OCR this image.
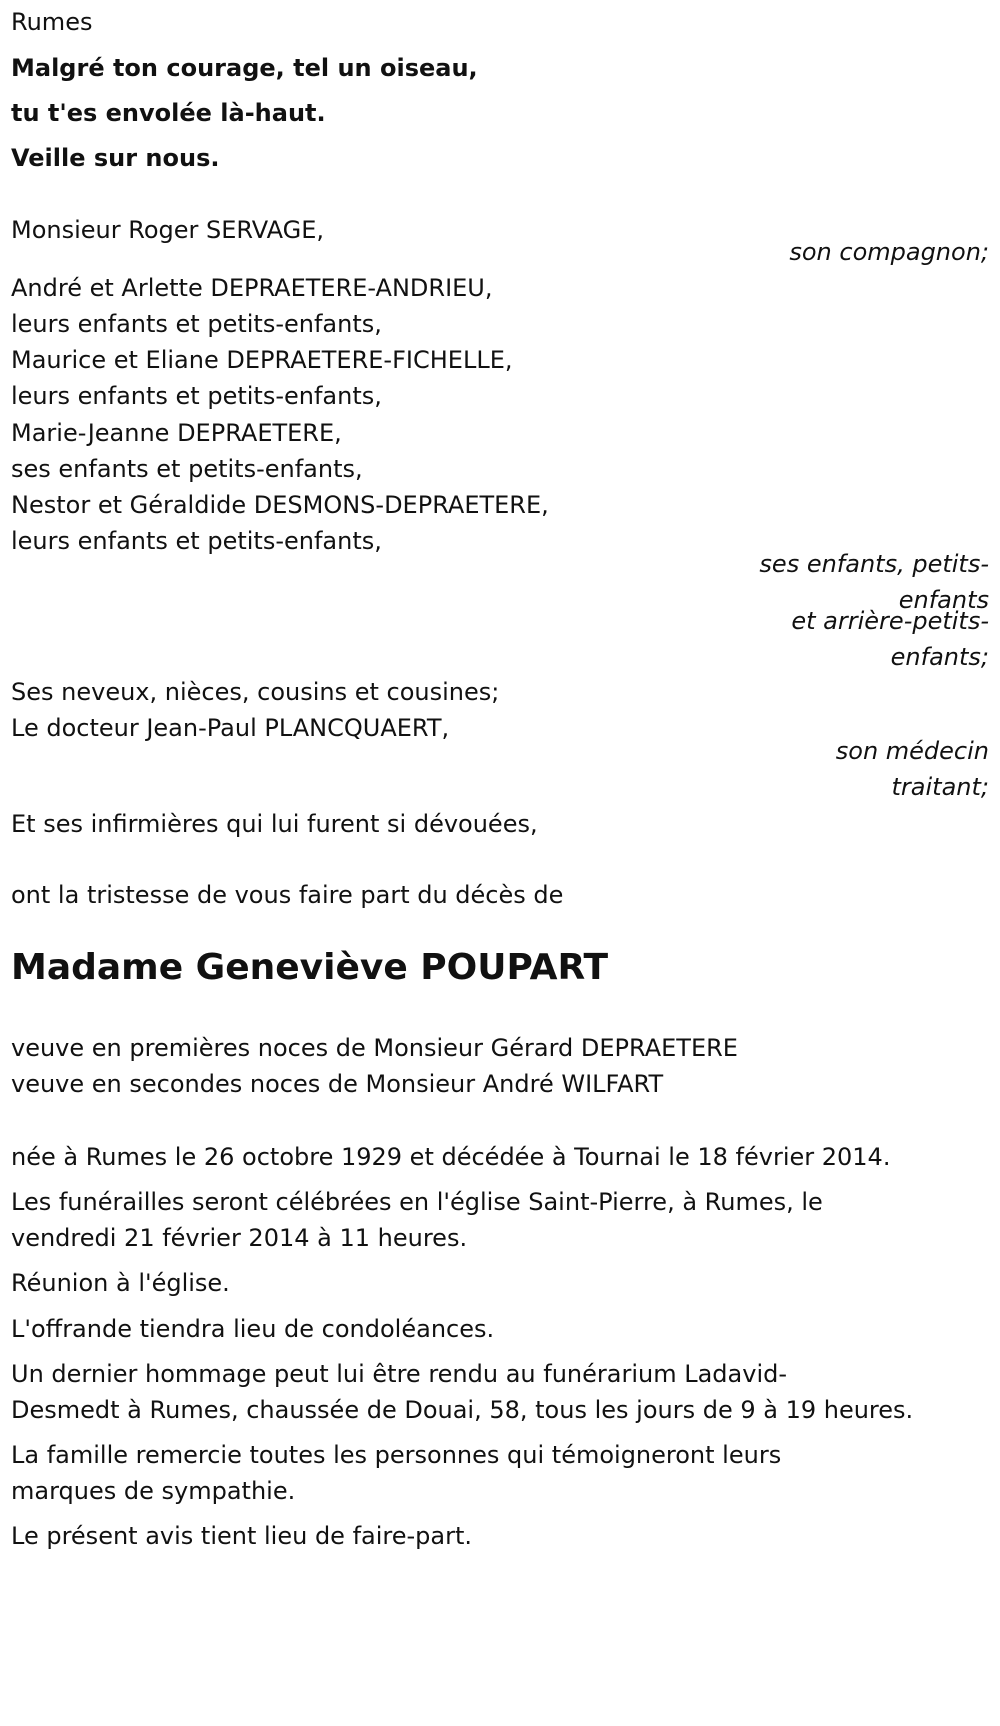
Rumes
Malgré ton courage, tel un oiseau,
tu t'es envolée là-haut.
Veille sur nous.
Monsieur Roger SERVAGE,
son compagnon;
André et Arlette DEPRAETERE-ANDRIEU,
leurs enfants et petits-enfants,
Maurice et Eliane DEPRAETERE-FICHELLE,
leurs enfants et petits-enfants,
Marie-Jeanne DEPRAETERE,
ses enfants et petits-enfants,
Nestor et Géraldide DESMONS-DEPRAETERE,
leurs enfants et petits-enfants,
ses enfants, petits-
enfants
et arrière-petits-
enfants;
Ses neveux, nièces, cousins et cousines;
Le docteur Jean-Paul PLANCQUAERT,
son médecin
traitant;
Et ses infirmières qui lui furent si dévouées,
ont la tristesse de vous faire part du décès de
Madame Geneviève POUPART
veuve en premières noces de Monsieur Gérard DEPRAETERE
veuve en secondes noces de Monsieur André WILFART
née à Rumes le 26 octobre 1929 et décédée à Tournai le 18 février 2014.
Les funérailles seront célébrées en l'église Saint-Pierre, à Rumes, le
vendredi 21 février 2014 à 11 heures.
Réunion à l'église.
L'offrande tiendra lieu de condoléances.
Un dernier hommage peut lui être rendu au funérarium Ladavid-
Desmedt à Rumes, chaussée de Douai, 58, tous les jours de 9 à 19 heures.
La famille remercie toutes les personnes qui témoigneront leurs
marques de sympathie.
Le présent avis tient lieu de faire-part.
